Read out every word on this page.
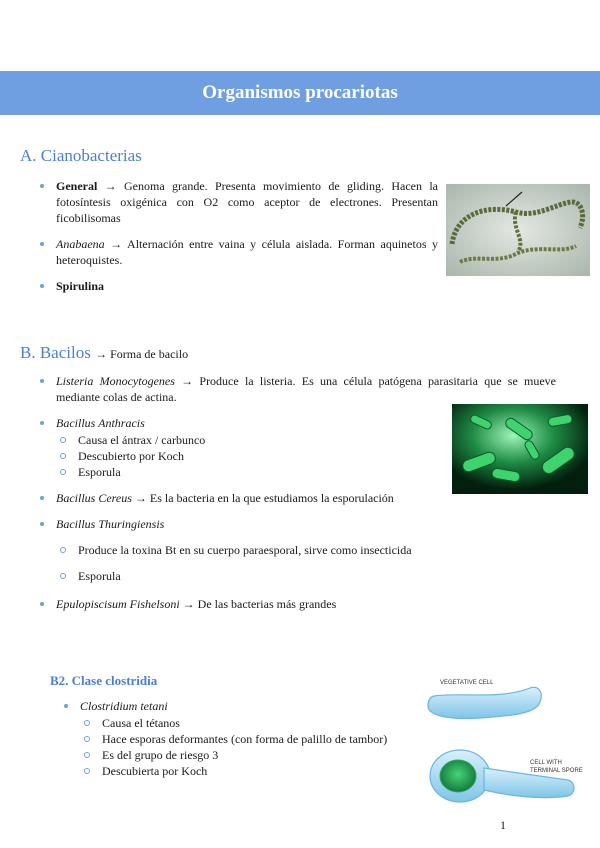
Organismos procariotas
A. Cianobacterias
General → Genoma grande. Presenta movimiento de gliding. Hacen la fotosíntesis oxigénica con O2 como aceptor de electrones. Presentan ficobilisomas
Anabaena → Alternación entre vaina y célula aislada. Forman aquinetos y heteroquistes.
Spirulina
B. Bacilos → Forma de bacilo
Listeria Monocytogenes → Produce la listeria. Es una célula patógena parasitaria que se mueve mediante colas de actina.
Bacillus Anthracis
Causa el ántrax / carbunco
Descubierto por Koch
Esporula
Bacillus Cereus → Es la bacteria en la que estudiamos la esporulación
Bacillus Thuringiensis
Produce la toxina Bt en su cuerpo paraesporal, sirve como insecticida
Esporula
Epulopiscisum Fishelsoni → De las bacterias más grandes
B2. Clase clostridia
Clostridium tetani
Causa el tétanos
Hace esporas deformantes (con forma de palillo de tambor)
Es del grupo de riesgo 3
Descubierta por Koch
VEGETATIVE CELL
CELL WITH
TERMINAL SPORE
1
